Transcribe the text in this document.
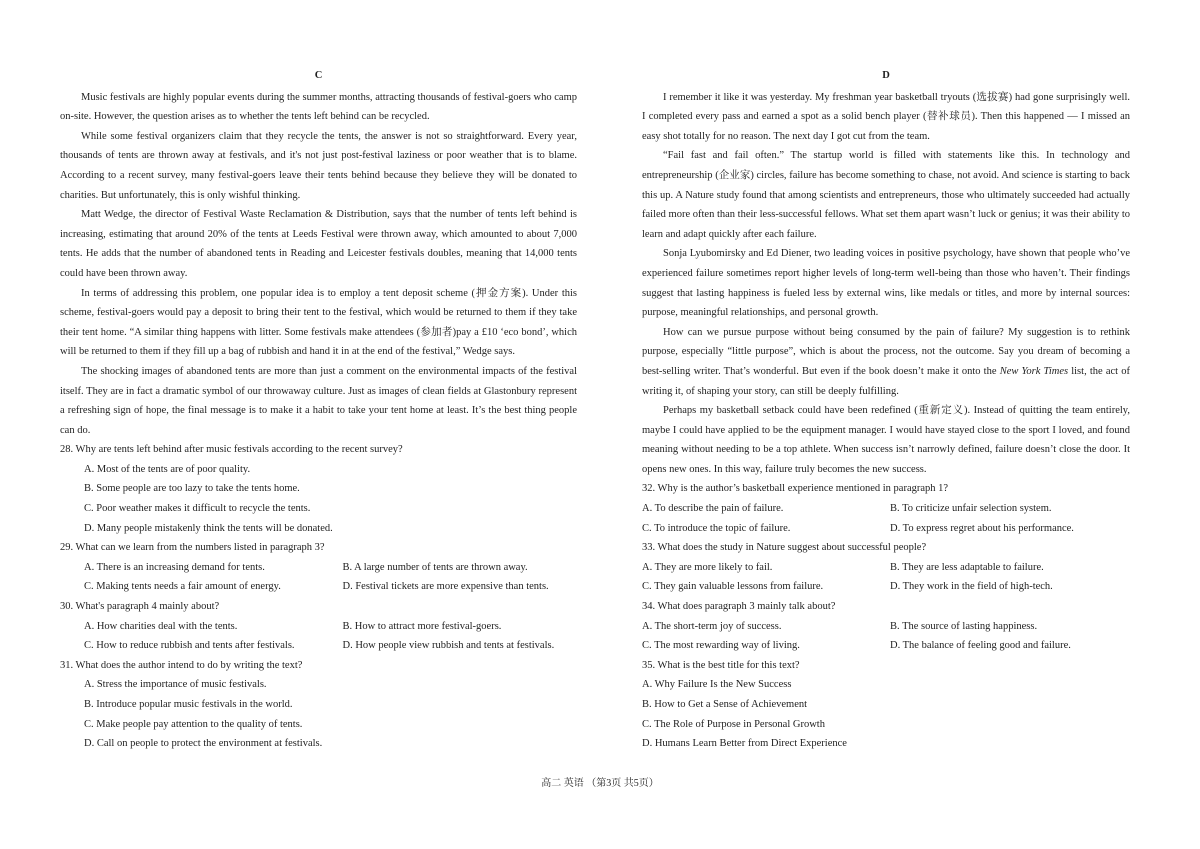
C

Music festivals are highly popular events during the summer months, attracting thousands of festival-goers who camp on-site. However, the question arises as to whether the tents left behind can be recycled.

While some festival organizers claim that they recycle the tents, the answer is not so straightforward. Every year, thousands of tents are thrown away at festivals, and it's not just post-festival laziness or poor weather that is to blame. According to a recent survey, many festival-goers leave their tents behind because they believe they will be donated to charities. But unfortunately, this is only wishful thinking.

Matt Wedge, the director of Festival Waste Reclamation & Distribution, says that the number of tents left behind is increasing, estimating that around 20% of the tents at Leeds Festival were thrown away, which amounted to about 7,000 tents. He adds that the number of abandoned tents in Reading and Leicester festivals doubles, meaning that 14,000 tents could have been thrown away.

In terms of addressing this problem, one popular idea is to employ a tent deposit scheme (押金方案). Under this scheme, festival-goers would pay a deposit to bring their tent to the festival, which would be returned to them if they take their tent home. “A similar thing happens with litter. Some festivals make attendees (参加者)pay a £10 ‘eco bond’, which will be returned to them if they fill up a bag of rubbish and hand it in at the end of the festival,” Wedge says.

The shocking images of abandoned tents are more than just a comment on the environmental impacts of the festival itself. They are in fact a dramatic symbol of our throwaway culture. Just as images of clean fields at Glastonbury represent a refreshing sign of hope, the final message is to make it a habit to take your tent home at least. It’s the best thing people can do.

28. Why are tents left behind after music festivals according to the recent survey?

A. Most of the tents are of poor quality.

B. Some people are too lazy to take the tents home.

C. Poor weather makes it difficult to recycle the tents.

D. Many people mistakenly think the tents will be donated.

29. What can we learn from the numbers listed in paragraph 3?

A. There is an increasing demand for tents.	B. A large number of tents are thrown away.

C. Making tents needs a fair amount of energy.	D. Festival tickets are more expensive than tents.

30. What's paragraph 4 mainly about?

A. How charities deal with the tents.	B. How to attract more festival-goers.

C. How to reduce rubbish and tents after festivals.	D. How people view rubbish and tents at festivals.

31. What does the author intend to do by writing the text?

A. Stress the importance of music festivals.

B. Introduce popular music festivals in the world.

C. Make people pay attention to the quality of tents.

D. Call on people to protect the environment at festivals.

D

I remember it like it was yesterday. My freshman year basketball tryouts (选拔赛) had gone surprisingly well. I completed every pass and earned a spot as a solid bench player (替补球员). Then this happened — I missed an easy shot totally for no reason. The next day I got cut from the team.

“Fail fast and fail often.” The startup world is filled with statements like this. In technology and entrepreneurship (企业家) circles, failure has become something to chase, not avoid. And science is starting to back this up. A Nature study found that among scientists and entrepreneurs, those who ultimately succeeded had actually failed more often than their less-successful fellows. What set them apart wasn’t luck or genius; it was their ability to learn and adapt quickly after each failure.

Sonja Lyubomirsky and Ed Diener, two leading voices in positive psychology, have shown that people who’ve experienced failure sometimes report higher levels of long-term well-being than those who haven’t. Their findings suggest that lasting happiness is fueled less by external wins, like medals or titles, and more by internal sources: purpose, meaningful relationships, and personal growth.

How can we pursue purpose without being consumed by the pain of failure? My suggestion is to rethink purpose, especially “little purpose”, which is about the process, not the outcome. Say you dream of becoming a best-selling writer. That’s wonderful. But even if the book doesn’t make it onto the New York Times list, the act of writing it, of shaping your story, can still be deeply fulfilling.

Perhaps my basketball setback could have been redefined (重新定义). Instead of quitting the team entirely, maybe I could have applied to be the equipment manager. I would have stayed close to the sport I loved, and found meaning without needing to be a top athlete. When success isn’t narrowly defined, failure doesn’t close the door. It opens new ones. In this way, failure truly becomes the new success.

32. Why is the author’s basketball experience mentioned in paragraph 1?

A. To describe the pain of failure.	B. To criticize unfair selection system.

C. To introduce the topic of failure.	D. To express regret about his performance.

33. What does the study in Nature suggest about successful people?

A. They are more likely to fail.	B. They are less adaptable to failure.

C. They gain valuable lessons from failure.	D. They work in the field of high-tech.

34. What does paragraph 3 mainly talk about?

A. The short-term joy of success.	B. The source of lasting happiness.

C. The most rewarding way of living.	D. The balance of feeling good and failure.

35. What is the best title for this text?

A. Why Failure Is the New Success

B. How to Get a Sense of Achievement

C. The Role of Purpose in Personal Growth

D. Humans Learn Better from Direct Experience

高二 英语 （第3页 共5页）
